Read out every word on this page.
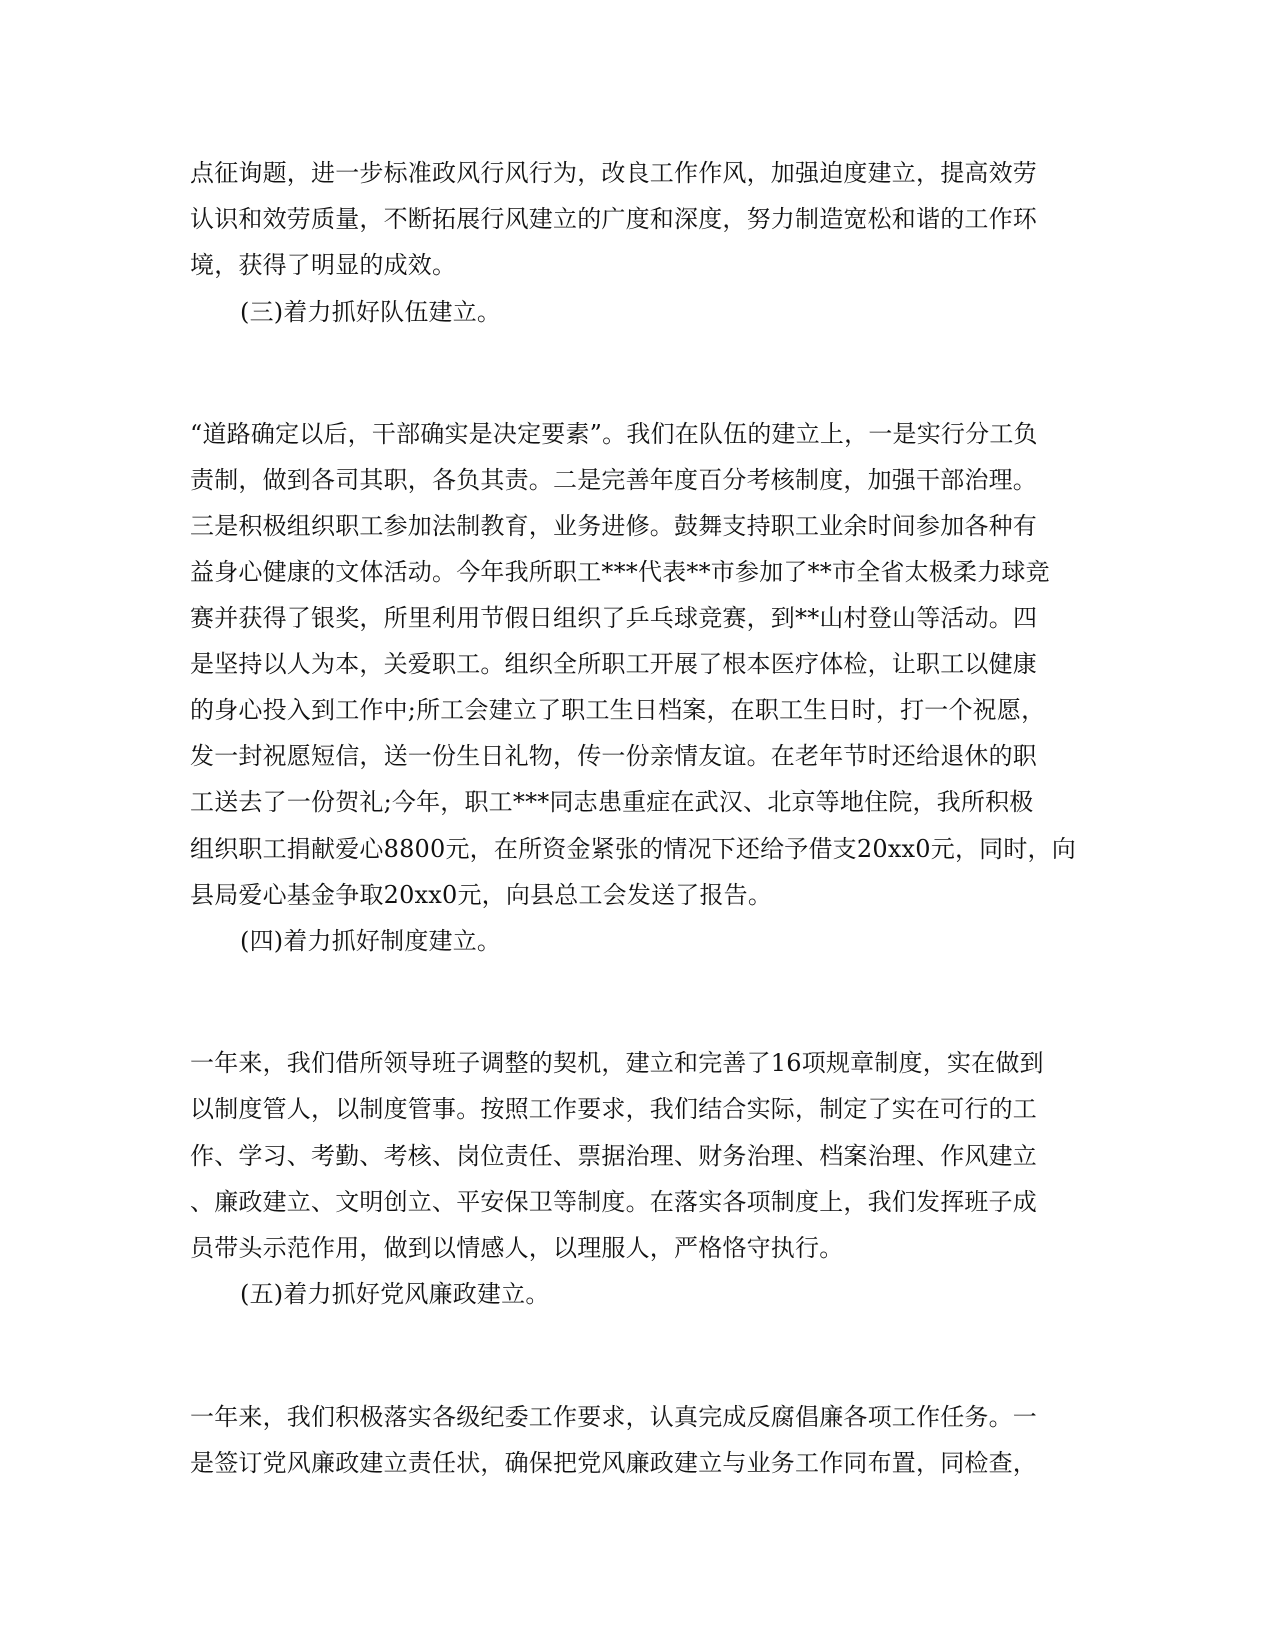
点征询题，进一步标准政风行风行为，改良工作作风，加强迫度建立，提高效劳
认识和效劳质量，不断拓展行风建立的广度和深度，努力制造宽松和谐的工作环
境，获得了明显的成效。
(三)着力抓好队伍建立。
“道路确定以后，干部确实是决定要素”。我们在队伍的建立上，一是实行分工负
责制，做到各司其职，各负其责。二是完善年度百分考核制度，加强干部治理。
三是积极组织职工参加法制教育，业务进修。鼓舞支持职工业余时间参加各种有
益身心健康的文体活动。今年我所职工***代表**市参加了**市全省太极柔力球竞
赛并获得了银奖，所里利用节假日组织了乒乓球竞赛，到**山村登山等活动。四
是坚持以人为本，关爱职工。组织全所职工开展了根本医疗体检，让职工以健康
的身心投入到工作中;所工会建立了职工生日档案，在职工生日时，打一个祝愿，
发一封祝愿短信，送一份生日礼物，传一份亲情友谊。在老年节时还给退休的职
工送去了一份贺礼;今年，职工***同志患重症在武汉、北京等地住院，我所积极
组织职工捐献爱心8800元，在所资金紧张的情况下还给予借支20xx0元，同时，向
县局爱心基金争取20xx0元，向县总工会发送了报告。
(四)着力抓好制度建立。
一年来，我们借所领导班子调整的契机，建立和完善了16项规章制度，实在做到
以制度管人，以制度管事。按照工作要求，我们结合实际，制定了实在可行的工
作、学习、考勤、考核、岗位责任、票据治理、财务治理、档案治理、作风建立
、廉政建立、文明创立、平安保卫等制度。在落实各项制度上，我们发挥班子成
员带头示范作用，做到以情感人，以理服人，严格恪守执行。
(五)着力抓好党风廉政建立。
一年来，我们积极落实各级纪委工作要求，认真完成反腐倡廉各项工作任务。一
是签订党风廉政建立责任状，确保把党风廉政建立与业务工作同布置，同检查，
